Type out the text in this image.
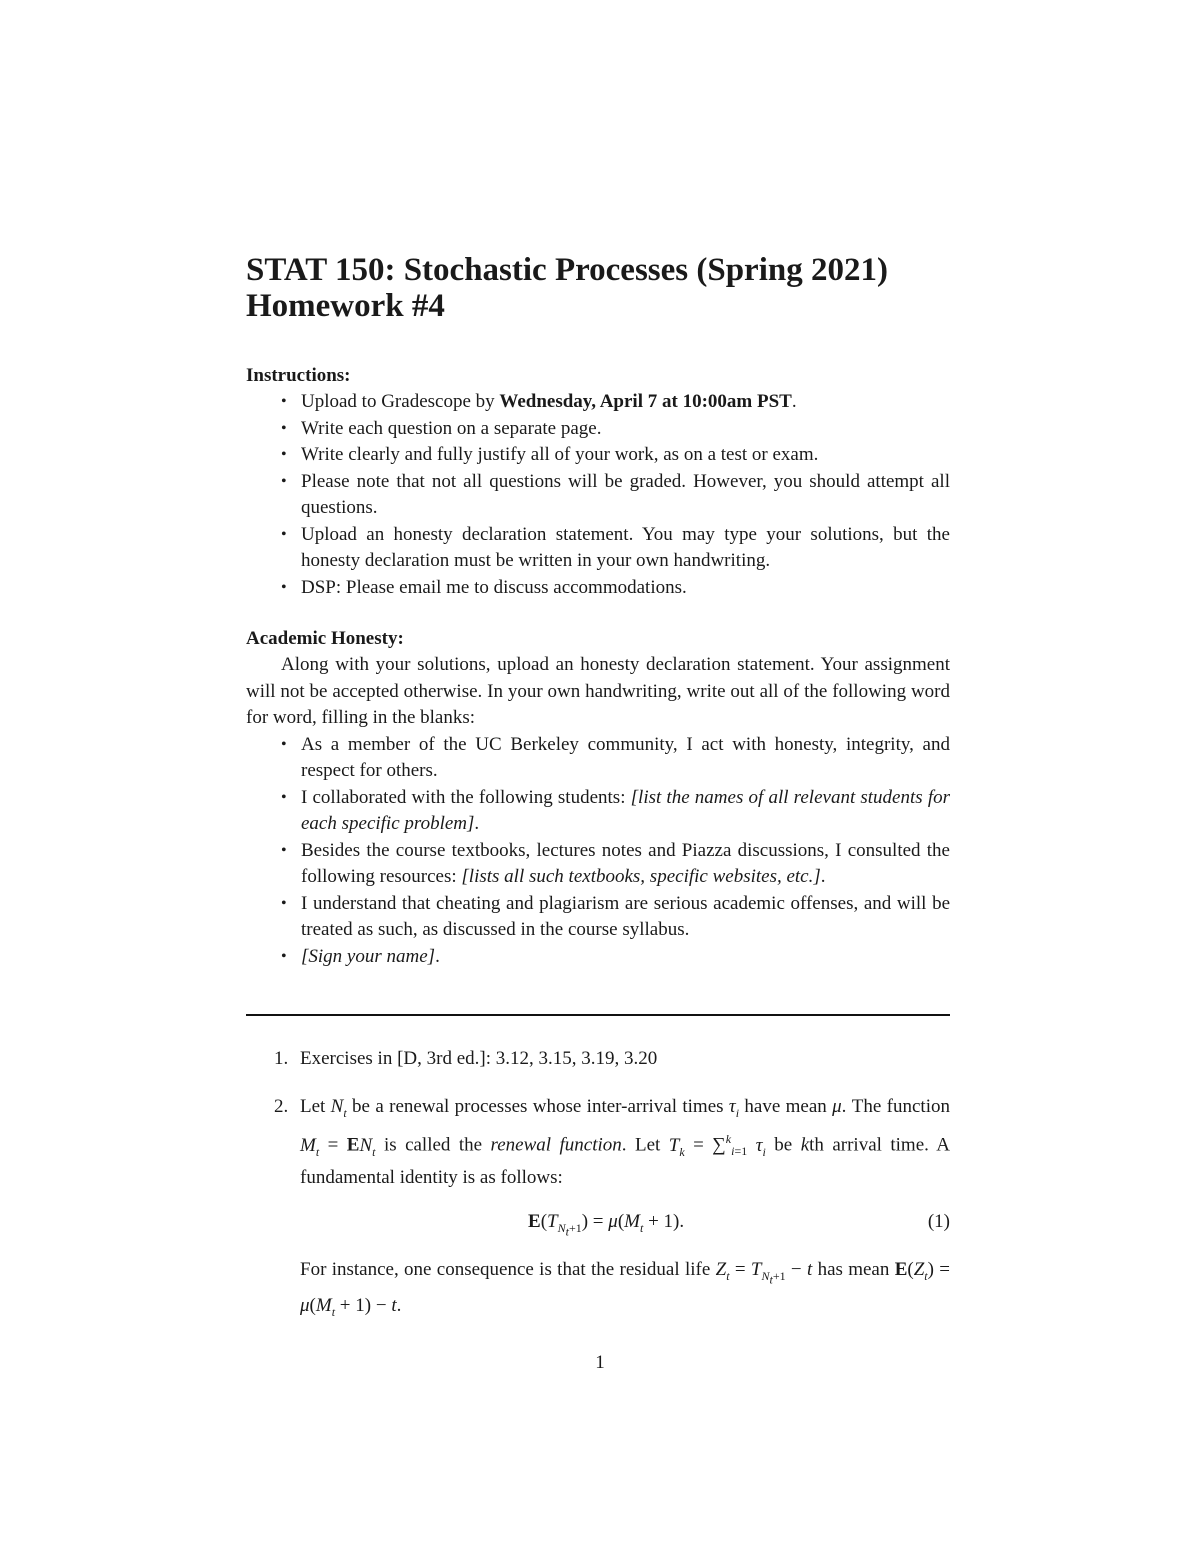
STAT 150: Stochastic Processes (Spring 2021)
Homework #4

Instructions:

• Upload to Gradescope by Wednesday, April 7 at 10:00am PST.
• Write each question on a separate page.
• Write clearly and fully justify all of your work, as on a test or exam.
• Please note that not all questions will be graded. However, you should attempt all questions.
• Upload an honesty declaration statement. You may type your solutions, but the honesty declaration must be written in your own handwriting.
• DSP: Please email me to discuss accommodations.

Academic Honesty:

Along with your solutions, upload an honesty declaration statement. Your assignment will not be accepted otherwise. In your own handwriting, write out all of the following word for word, filling in the blanks:

• As a member of the UC Berkeley community, I act with honesty, integrity, and respect for others.
• I collaborated with the following students: [list the names of all relevant students for each specific problem].
• Besides the course textbooks, lectures notes and Piazza discussions, I consulted the following resources: [lists all such textbooks, specific websites, etc.].
• I understand that cheating and plagiarism are serious academic offenses, and will be treated as such, as discussed in the course syllabus.
• [Sign your name].
1. Exercises in [D, 3rd ed.]: 3.12, 3.15, 3.19, 3.20
2. Let $N_t$ be a renewal processes whose inter-arrival times $\tau_i$ have mean μ. The function $M_t = EN_t$ is called the renewal function. Let $T_k = \sum^k_{i=1}$ $\tau_i$ be kth arrival time. A fundamental identity is as follows:
$E(T_{N_t+1}) = \mu(M_t + 1)$.	(1)
For instance, one consequence is that the residual life $Z_t = T_{N_t+1} - t$ has mean $E(Z_t) = \mu(M_t + 1) - t$.
1
